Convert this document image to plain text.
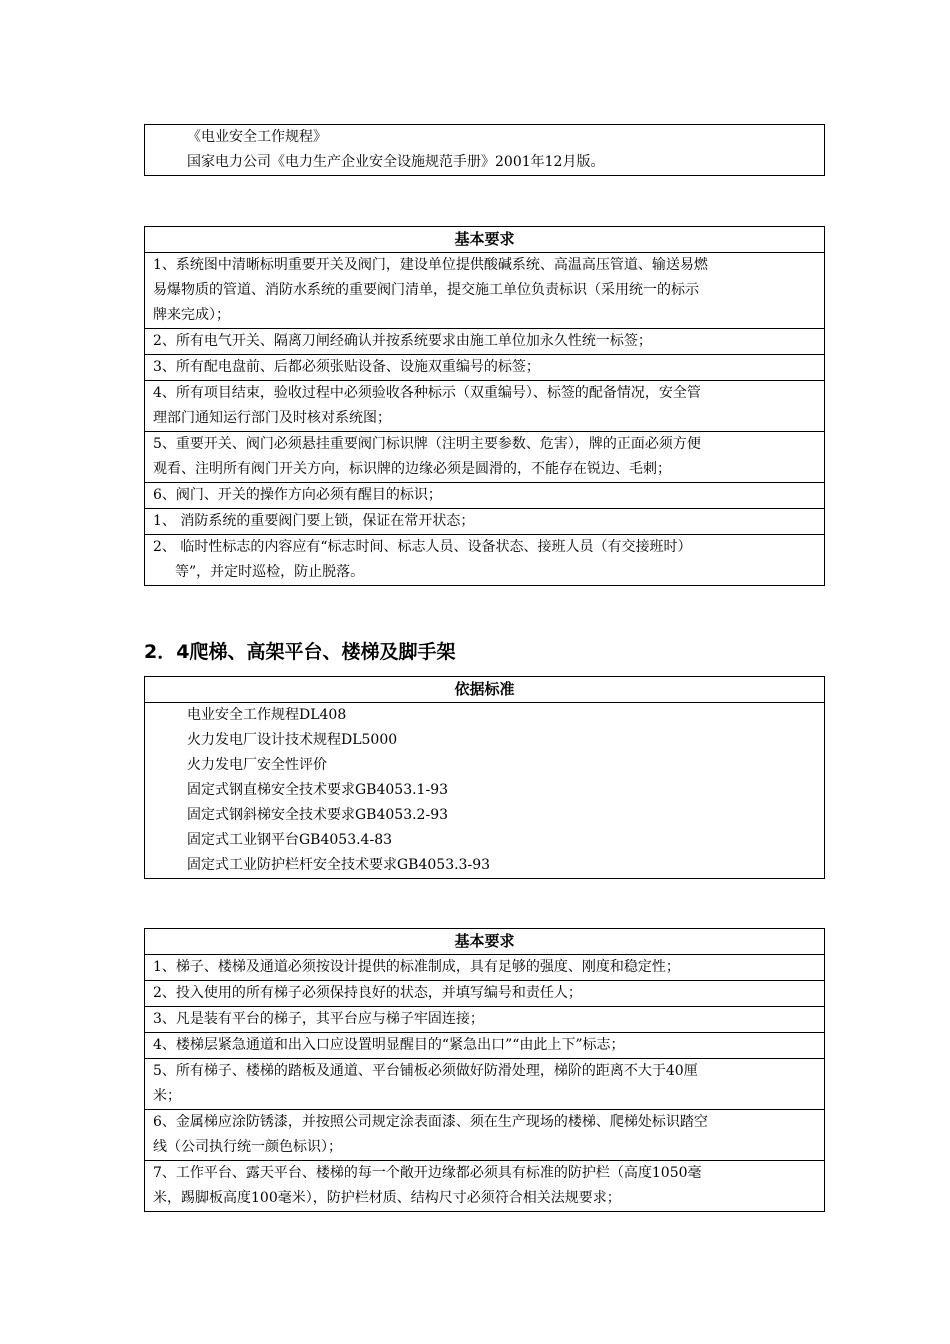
《电业安全工作规程》
国家电力公司《电力生产企业安全设施规范手册》2001年12月版。
基本要求
1、系统图中清晰标明重要开关及阀门，建设单位提供酸碱系统、高温高压管道、输送易燃
易爆物质的管道、消防水系统的重要阀门清单，提交施工单位负责标识（采用统一的标示
牌来完成）；
2、所有电气开关、隔离刀闸经确认并按系统要求由施工单位加永久性统一标签；
3、所有配电盘前、后都必须张贴设备、设施双重编号的标签；
4、所有项目结束，验收过程中必须验收各种标示（双重编号）、标签的配备情况，安全管
理部门通知运行部门及时核对系统图；
5、重要开关、阀门必须悬挂重要阀门标识牌（注明主要参数、危害），牌的正面必须方便
观看、注明所有阀门开关方向，标识牌的边缘必须是圆滑的，不能存在锐边、毛刺；
6、阀门、开关的操作方向必须有醒目的标识；
1、 消防系统的重要阀门要上锁，保证在常开状态；
2、 临时性标志的内容应有“标志时间、标志人员、设备状态、接班人员（有交接班时）
等”，并定时巡检，防止脱落。
2．4爬梯、高架平台、楼梯及脚手架
依据标准
电业安全工作规程DL408
火力发电厂设计技术规程DL5000
火力发电厂安全性评价
固定式钢直梯安全技术要求GB4053.1-93
固定式钢斜梯安全技术要求GB4053.2-93
固定式工业钢平台GB4053.4-83
固定式工业防护栏杆安全技术要求GB4053.3-93
基本要求
1、梯子、楼梯及通道必须按设计提供的标准制成，具有足够的强度、刚度和稳定性；
2、投入使用的所有梯子必须保持良好的状态，并填写编号和责任人；
3、凡是装有平台的梯子，其平台应与梯子牢固连接；
4、楼梯层紧急通道和出入口应设置明显醒目的“紧急出口”“由此上下”标志；
5、所有梯子、楼梯的踏板及通道、平台铺板必须做好防滑处理，梯阶的距离不大于40厘
米；
6、金属梯应涂防锈漆，并按照公司规定涂表面漆、须在生产现场的楼梯、爬梯处标识踏空
线（公司执行统一颜色标识）；
7、工作平台、露天平台、楼梯的每一个敞开边缘都必须具有标准的防护栏（高度1050毫
米，踢脚板高度100毫米），防护栏材质、结构尺寸必须符合相关法规要求；
